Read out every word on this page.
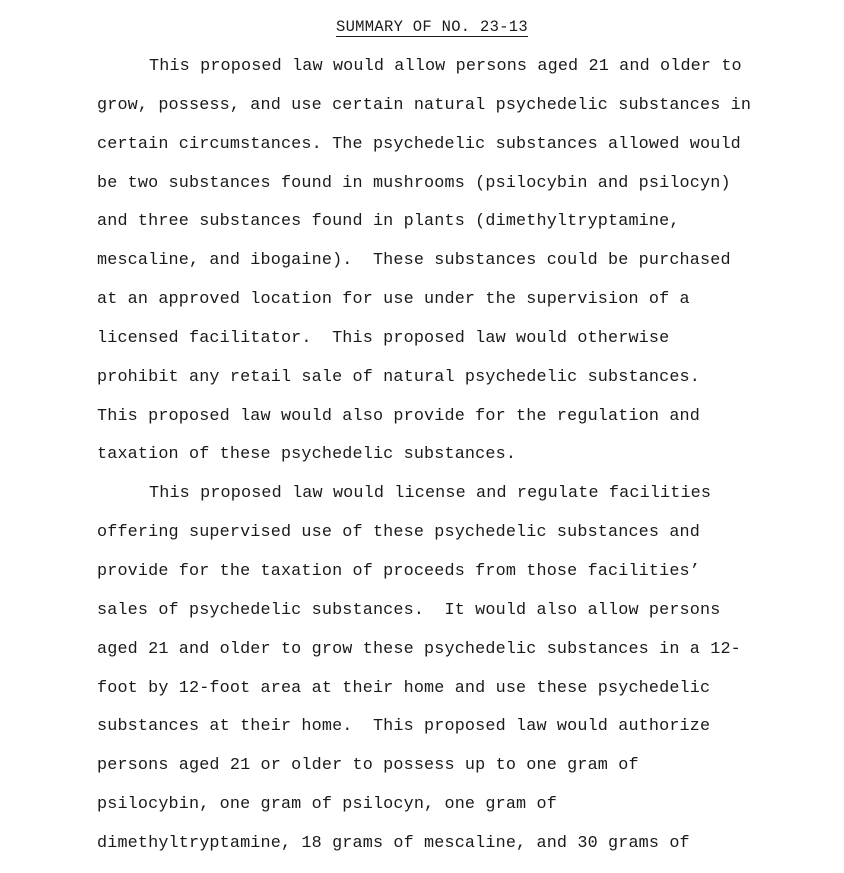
SUMMARY OF NO. 23-13
This proposed law would allow persons aged 21 and older to
grow, possess, and use certain natural psychedelic substances in
certain circumstances. The psychedelic substances allowed would
be two substances found in mushrooms (psilocybin and psilocyn)
and three substances found in plants (dimethyltryptamine,
mescaline, and ibogaine).  These substances could be purchased
at an approved location for use under the supervision of a
licensed facilitator.  This proposed law would otherwise
prohibit any retail sale of natural psychedelic substances.
This proposed law would also provide for the regulation and
taxation of these psychedelic substances.
This proposed law would license and regulate facilities
offering supervised use of these psychedelic substances and
provide for the taxation of proceeds from those facilities’
sales of psychedelic substances.  It would also allow persons
aged 21 and older to grow these psychedelic substances in a 12-
foot by 12-foot area at their home and use these psychedelic
substances at their home.  This proposed law would authorize
persons aged 21 or older to possess up to one gram of
psilocybin, one gram of psilocyn, one gram of
dimethyltryptamine, 18 grams of mescaline, and 30 grams of
